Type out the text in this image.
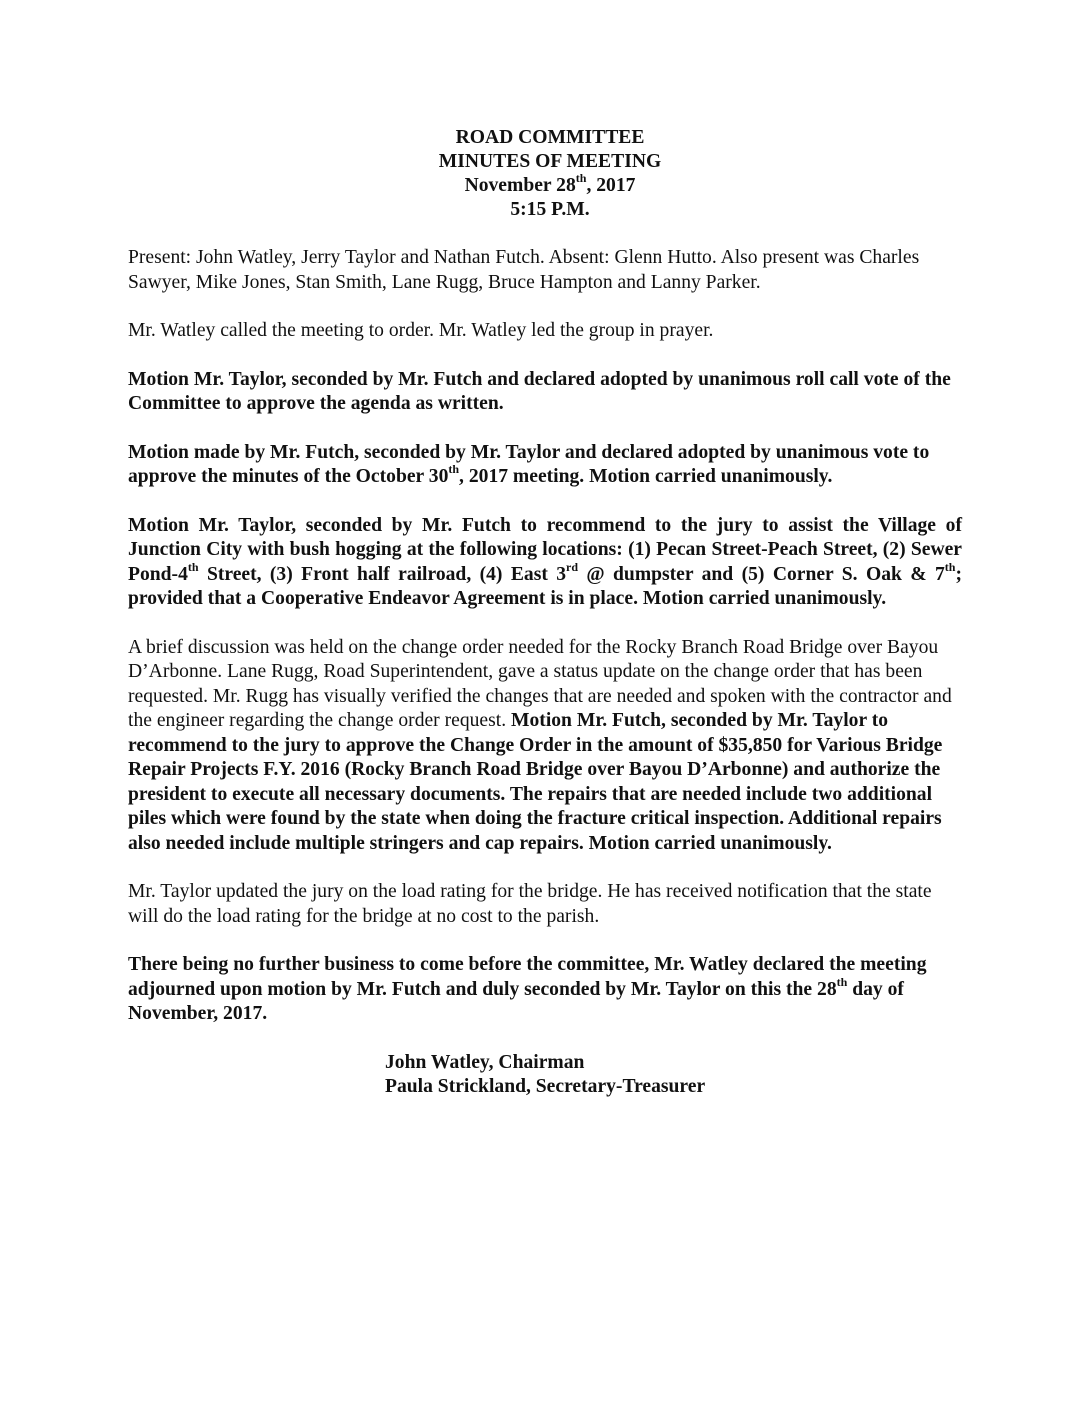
ROAD COMMITTEE
MINUTES OF MEETING
November 28th, 2017
5:15 P.M.

Present: John Watley, Jerry Taylor and Nathan Futch. Absent: Glenn Hutto. Also present was Charles Sawyer, Mike Jones, Stan Smith, Lane Rugg, Bruce Hampton and Lanny Parker.

Mr. Watley called the meeting to order. Mr. Watley led the group in prayer.

Motion Mr. Taylor, seconded by Mr. Futch and declared adopted by unanimous roll call vote of the Committee to approve the agenda as written.

Motion made by Mr. Futch, seconded by Mr. Taylor and declared adopted by unanimous vote to approve the minutes of the October 30th, 2017 meeting. Motion carried unanimously.

Motion Mr. Taylor, seconded by Mr. Futch to recommend to the jury to assist the Village of Junction City with bush hogging at the following locations: (1) Pecan Street-Peach Street, (2) Sewer Pond-4th Street, (3) Front half railroad, (4) East 3rd @ dumpster and (5) Corner S. Oak & 7th; provided that a Cooperative Endeavor Agreement is in place. Motion carried unanimously.

A brief discussion was held on the change order needed for the Rocky Branch Road Bridge over Bayou D’Arbonne. Lane Rugg, Road Superintendent, gave a status update on the change order that has been requested. Mr. Rugg has visually verified the changes that are needed and spoken with the contractor and the engineer regarding the change order request. Motion Mr. Futch, seconded by Mr. Taylor to recommend to the jury to approve the Change Order in the amount of $35,850 for Various Bridge Repair Projects F.Y. 2016 (Rocky Branch Road Bridge over Bayou D’Arbonne) and authorize the president to execute all necessary documents. The repairs that are needed include two additional piles which were found by the state when doing the fracture critical inspection. Additional repairs also needed include multiple stringers and cap repairs. Motion carried unanimously.

Mr. Taylor updated the jury on the load rating for the bridge. He has received notification that the state will do the load rating for the bridge at no cost to the parish.

There being no further business to come before the committee, Mr. Watley declared the meeting adjourned upon motion by Mr. Futch and duly seconded by Mr. Taylor on this the 28th day of November, 2017.

John Watley, Chairman
Paula Strickland, Secretary-Treasurer
